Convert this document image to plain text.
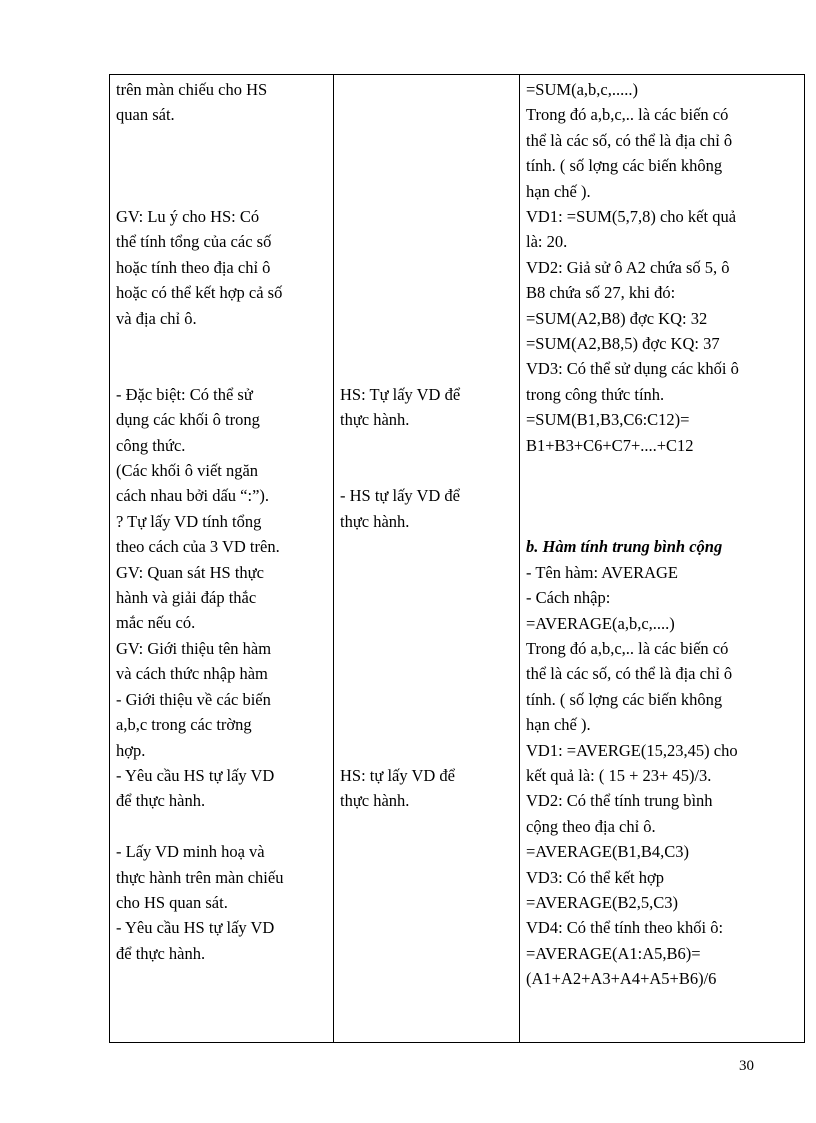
trên màn chiếu cho HS
quan sát.
GV: Lu ý cho HS: Có
thể tính tổng của các số
hoặc tính theo địa chỉ ô
hoặc có thể kết hợp cả số
và địa chỉ ô.
- Đặc biệt: Có thể sử
dụng các khối ô trong
công thức.
(Các khối ô viết ngăn
cách nhau bởi dấu “:”).
? Tự lấy VD tính tổng
theo cách của 3 VD trên.
GV: Quan sát HS thực
hành và giải đáp thắc
mắc nếu có.
GV: Giới thiệu tên hàm
và cách thức nhập hàm
- Giới thiệu về các biến
a,b,c trong các trờng
hợp.
- Yêu cầu HS tự lấy VD
để thực hành.
- Lấy VD minh hoạ và
thực hành trên màn chiếu
cho HS quan sát.
- Yêu cầu HS tự lấy VD
để thực hành.

HS: Tự lấy VD để
thực hành.
- HS tự lấy VD để
thực hành.
HS: tự lấy VD để
thực hành.

=SUM(a,b,c,.....)
Trong đó a,b,c,.. là các biến có
thể là các số, có thể là địa chỉ ô
tính. ( số lợng các biến không
hạn chế ).
VD1: =SUM(5,7,8) cho kết quả
là: 20.
VD2: Giả sử ô A2 chứa số 5, ô
B8 chứa số 27, khi đó:
=SUM(A2,B8) đợc KQ: 32
=SUM(A2,B8,5) đợc KQ: 37
VD3: Có thể sử dụng các khối ô
trong công thức tính.
=SUM(B1,B3,C6:C12)=
B1+B3+C6+C7+....+C12
b. Hàm tính trung bình cộng
- Tên hàm: AVERAGE
- Cách nhập:
=AVERAGE(a,b,c,....)
Trong đó a,b,c,.. là các biến có
thể là các số, có thể là địa chỉ ô
tính. ( số lợng các biến không
hạn chế ).
VD1: =AVERGE(15,23,45) cho
kết quả là: ( 15 + 23+ 45)/3.
VD2: Có thể tính trung bình
cộng theo địa chỉ ô.
=AVERAGE(B1,B4,C3)
VD3: Có thể kết hợp
=AVERAGE(B2,5,C3)
VD4: Có thể tính theo khối ô:
=AVERAGE(A1:A5,B6)=
(A1+A2+A3+A4+A5+B6)/6
30
